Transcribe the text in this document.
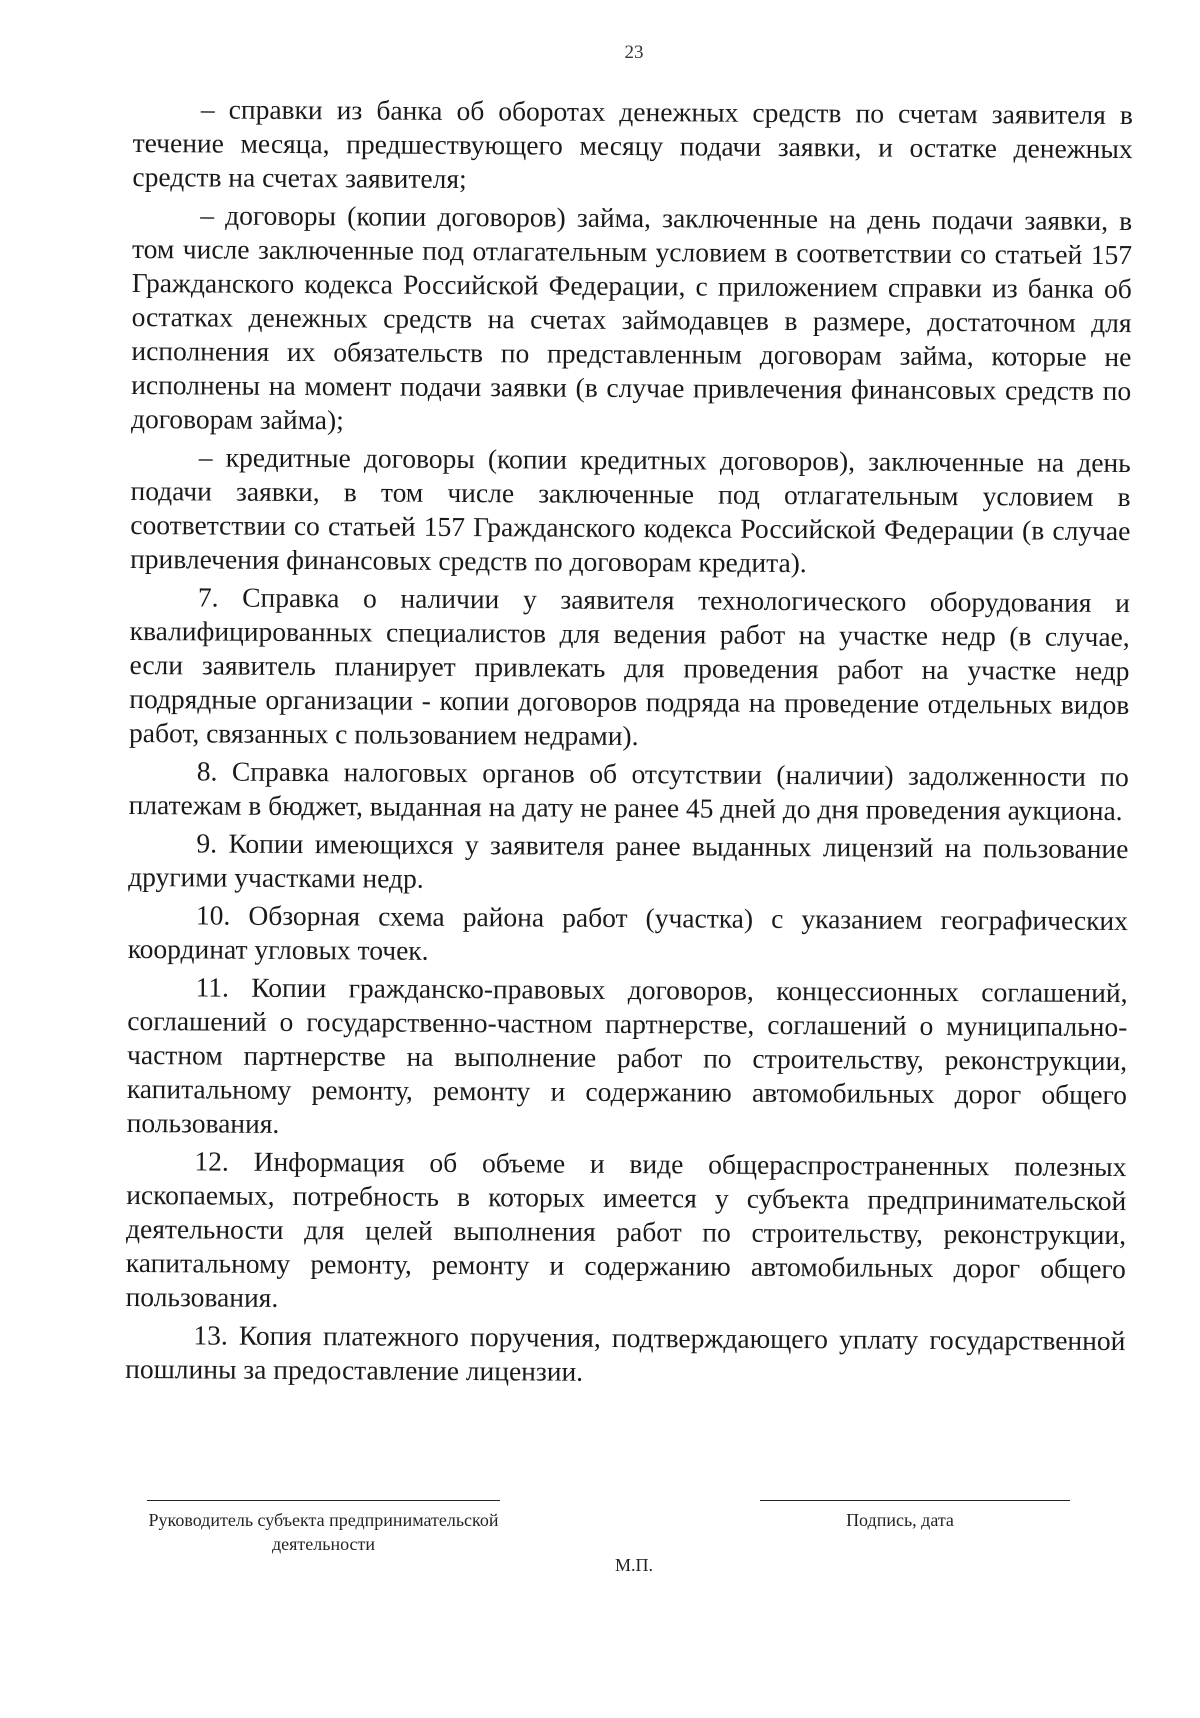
23

– справки из банка об оборотах денежных средств по счетам заявителя в течение месяца, предшествующего месяцу подачи заявки, и остатке денежных средств на счетах заявителя;

– договоры (копии договоров) займа, заключенные на день подачи заявки, в том числе заключенные под отлагательным условием в соответствии со статьей 157 Гражданского кодекса Российской Федерации, с приложением справки из банка об остатках денежных средств на счетах займодавцев в размере, достаточном для исполнения их обязательств по представленным договорам займа, которые не исполнены на момент подачи заявки (в случае привлечения финансовых средств по договорам займа);

– кредитные договоры (копии кредитных договоров), заключенные на день подачи заявки, в том числе заключенные под отлагательным условием в соответствии со статьей 157 Гражданского кодекса Российской Федерации (в случае привлечения финансовых средств по договорам кредита).

7. Справка о наличии у заявителя технологического оборудования и квалифицированных специалистов для ведения работ на участке недр (в случае, если заявитель планирует привлекать для проведения работ на участке недр подрядные организации - копии договоров подряда на проведение отдельных видов работ, связанных с пользованием недрами).

8. Справка налоговых органов об отсутствии (наличии) задолженности по платежам в бюджет, выданная на дату не ранее 45 дней до дня проведения аукциона.

9. Копии имеющихся у заявителя ранее выданных лицензий на пользование другими участками недр.

10. Обзорная схема района работ (участка) с указанием географических координат угловых точек.

11. Копии гражданско-правовых договоров, концессионных соглашений, соглашений о государственно-частном партнерстве, соглашений о муниципально-частном партнерстве на выполнение работ по строительству, реконструкции, капитальному ремонту, ремонту и содержанию автомобильных дорог общего пользования.

12. Информация об объеме и виде общераспространенных полезных ископаемых, потребность в которых имеется у субъекта предпринимательской деятельности для целей выполнения работ по строительству, реконструкции, капитальному ремонту, ремонту и содержанию автомобильных дорог общего пользования.

13. Копия платежного поручения, подтверждающего уплату государственной пошлины за предоставление лицензии.

Руководитель субъекта предпринимательской деятельности
Подпись, дата
М.П.
